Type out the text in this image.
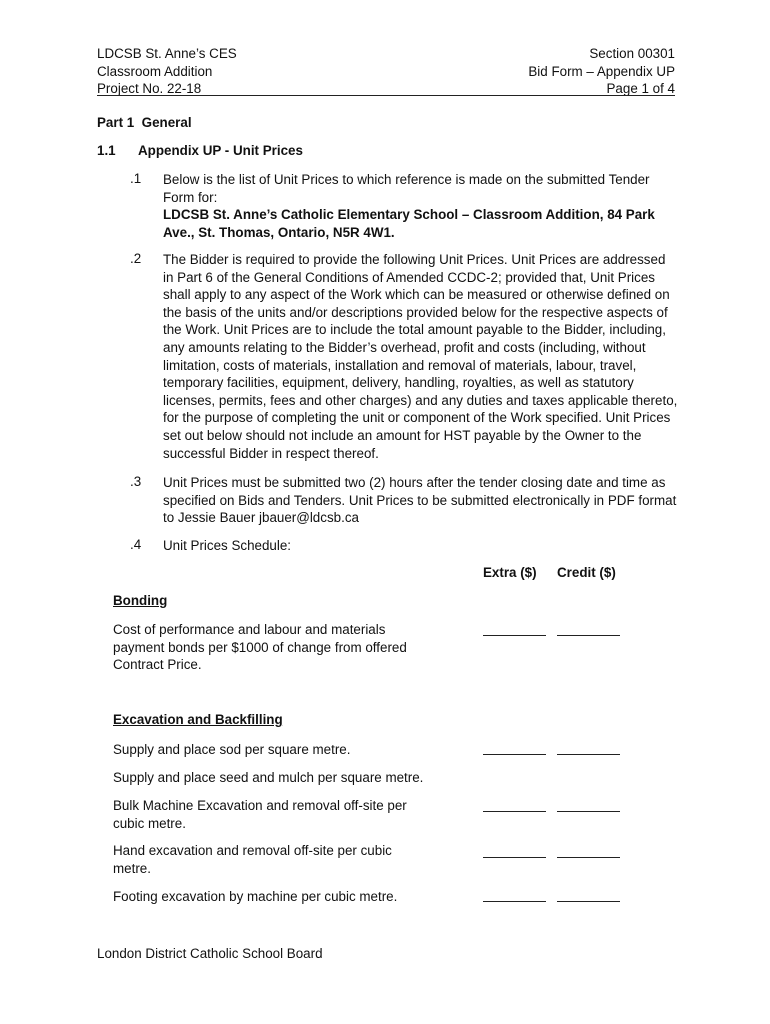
LDCSB St. Anne’s CES
Classroom Addition
Project No. 22-18
Section 00301
Bid Form – Appendix UP
Page 1 of 4
Part 1 General
1.1 Appendix UP - Unit Prices
.1 Below is the list of Unit Prices to which reference is made on the submitted Tender Form for:
LDCSB St. Anne’s Catholic Elementary School – Classroom Addition, 84 Park Ave., St. Thomas, Ontario, N5R 4W1.
.2 The Bidder is required to provide the following Unit Prices. Unit Prices are addressed in Part 6 of the General Conditions of Amended CCDC-2; provided that, Unit Prices shall apply to any aspect of the Work which can be measured or otherwise defined on the basis of the units and/or descriptions provided below for the respective aspects of the Work. Unit Prices are to include the total amount payable to the Bidder, including, any amounts relating to the Bidder’s overhead, profit and costs (including, without limitation, costs of materials, installation and removal of materials, labour, travel, temporary facilities, equipment, delivery, handling, royalties, as well as statutory licenses, permits, fees and other charges) and any duties and taxes applicable thereto, for the purpose of completing the unit or component of the Work specified. Unit Prices set out below should not include an amount for HST payable by the Owner to the successful Bidder in respect thereof.
.3 Unit Prices must be submitted two (2) hours after the tender closing date and time as specified on Bids and Tenders. Unit Prices to be submitted electronically in PDF format to Jessie Bauer jbauer@ldcsb.ca
.4 Unit Prices Schedule:
Extra ($) Credit ($)
Bonding
Cost of performance and labour and materials payment bonds per $1000 of change from offered Contract Price.
Excavation and Backfilling
Supply and place sod per square metre.
Supply and place seed and mulch per square metre.
Bulk Machine Excavation and removal off-site per cubic metre.
Hand excavation and removal off-site per cubic metre.
Footing excavation by machine per cubic metre.
London District Catholic School Board
